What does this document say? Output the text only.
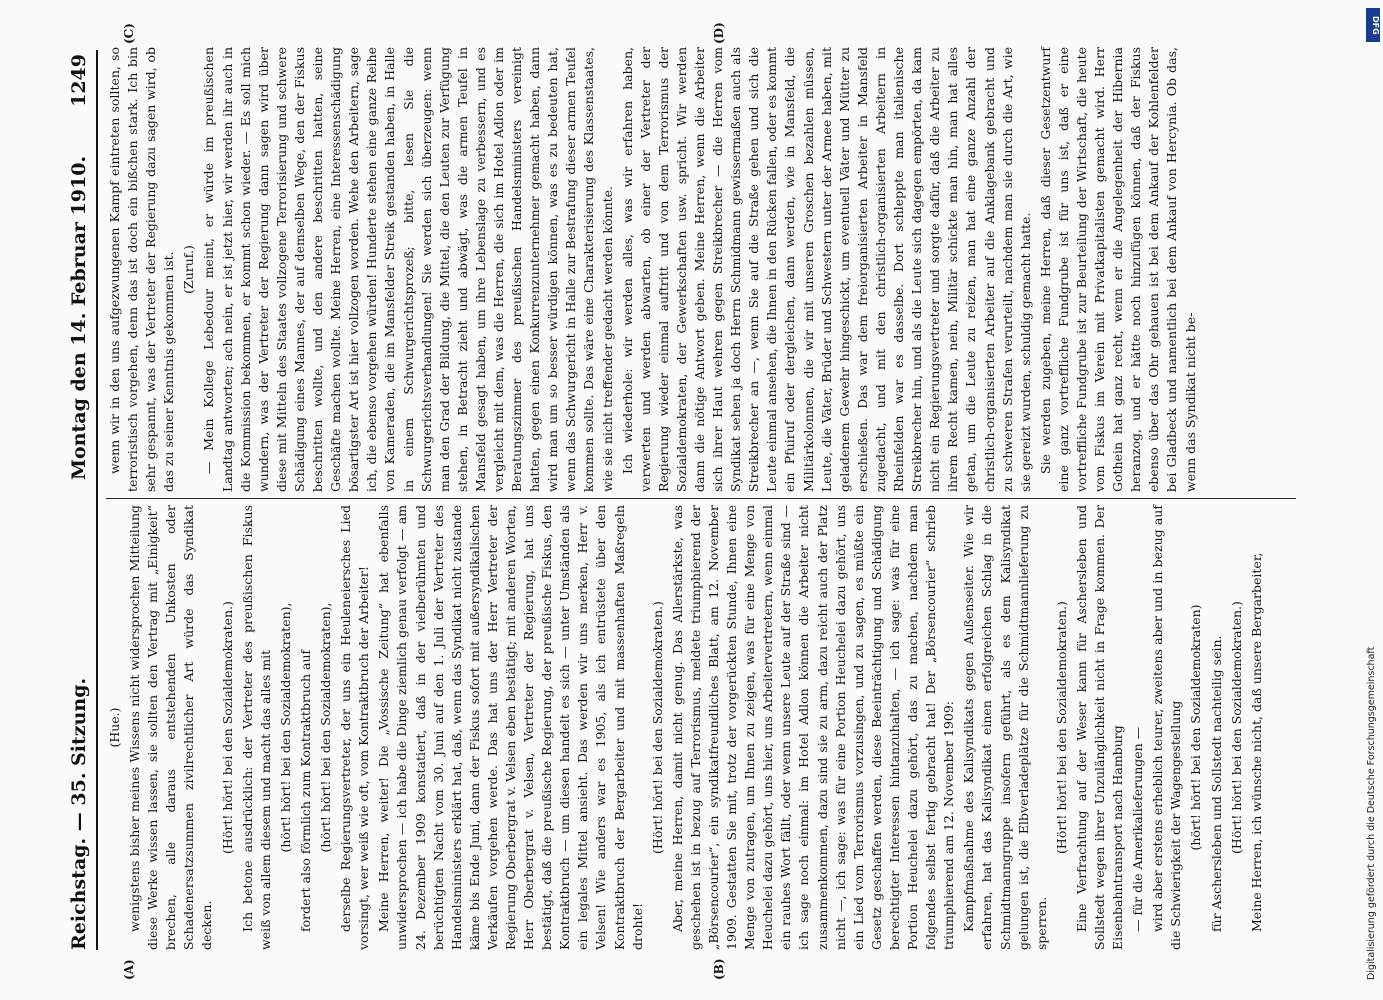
Reichstag. — 35. Sitzung.
Montag den 14. Februar 1910.
1249
(A)	(B)
(C)	(D)

(Hue.) wenigstens bisher meines Wissens nicht widersprochen Mitteilung diese Werke wissen lassen, sie sollten den Vertrag mit „Einigkeit“ brechen, alle daraus entstehenden Unkosten oder Schadenersatzsummen zivilrechtlicher Art würde das Syndikat decken.

(Hört! hört! bei den Sozialdemokraten.) Ich betone ausdrücklich: der Vertreter des preußischen Fiskus weiß von allem diesem und macht das alles mit (hört! hört! bei den Sozialdemokraten), fordert also förmlich zum Kontraktbruch auf (hört! hört! bei den Sozialdemokraten), derselbe Regierungsvertreter, der uns ein Heuleneiersches Lied vorsingt, wer weiß wie oft, vom Kontraktbruch der Arbeiter! Meine Herren, weiter! Die „Vossische Zeitung“ hat ebenfalls unwidersprochen — ich habe die Dinge ziemlich genau verfolgt — am 24. Dezember 1909 konstatiert, daß in der vielberühmten und berüchtigten Nacht vom 30. Juni auf den 1. Juli der Vertreter des Handelsministers erklärt hat, daß, wenn das Syndikat nicht zustande käme bis Ende Juni, dann der Fiskus sofort mit außersyndikalischen Verkäufen vorgehen werde. Das hat uns der Herr Vertreter der Regierung Oberbergrat v. Velsen eben bestätigt; mit anderen Worten, Herr Oberbergrat v. Velsen, Vertreter der Regierung, hat uns bestätigt, daß die preußische Regierung, der preußische Fiskus, den Kontraktbruch — um diesen handelt es sich — unter Umständen als ein legales Mittel ansieht. Das werden wir uns merken, Herr v. Velsen! Wie anders war es 1905, als ich entrüstete über den Kontraktbruch der Bergarbeiter und mit massenhaften Maßregeln drohte!

(Hört! hört! bei den Sozialdemokraten.) Aber, meine Herren, damit nicht genug. Das Allerstärkste, was geschehen ist in bezug auf Terrorismus, meldete triumphierend der „Börsencourier“, ein syndikatfreundliches Blatt, am 12. November 1909. Gestatten Sie mit, trotz der vorgerückten Stunde, Ihnen eine Menge von zutragen, um Ihnen zu zeigen, was für eine Menge von Heuchelei dazu gehört, uns hier, uns Arbeitervertretern, wenn einmal ein rauhes Wort fällt, oder wenn unsere Leute auf der Straße sind — ich sage noch einmal: im Hotel Adlon können die Arbeiter nicht zusammenkommen, dazu sind sie zu arm, dazu reicht auch der Platz nicht —, ich sage: was für eine Portion Heuchelei dazu gehört, uns ein Lied vom Terrorismus vorzusingen, und zu sagen, es müßte ein Gesetz geschaffen werden, diese Beeinträchtigung und Schädigung berechtigter Interessen hintanzuhalten, — ich sage: was für eine Portion Heuchelei dazu gehört, das zu machen, nachdem man folgendes selbst fertig gebracht hat! Der „Börsencourier“ schrieb triumphierend am 12. November 1909: Kampfmaßnahme des Kalisyndikats gegen Außenseiter. Wie wir erfahren, hat das Kalisyndikat einen erfolgreichen Schlag in die Schmidtmanngruppe insofern geführt, als es dem Kalisyndikat gelungen ist, die Elbverladeplätze für die Schmidtmannlieferung zu sperren.

(Hört! hört! bei den Sozialdemokraten.) Eine Verfrachtung auf der Weser kann für Aschersleben und Sollstedt wegen ihrer Unzulänglichkeit nicht in Frage kommen. Der Eisenbahntransport nach Hamburg — für die Amerikalieferungen — wird aber erstens erheblich teurer, zweitens aber und in bezug auf die Schwierigkeit der Wagengestellung (hört! hört! bei den Sozialdemokraten) für Aschersleben und Sollstedt nachteilig sein. (Hört! hört! bei den Sozialdemokraten.) Meine Herren, ich wünsche nicht, daß unsere Bergarbeiter,

wenn wir in den uns aufgezwungenen Kampf eintreten sollten, so terroristisch vorgehen, denn das ist doch ein bißchen stark. Ich bin sehr gespannt, was der Vertreter der Regierung dazu sagen wird, ob das zu seiner Kenntnis gekommen ist. (Zuruf.) — Mein Kollege Lebedour meint, er würde im preußischen Landtag antworten; ach nein, er ist jetzt hier, wir werden ihr auch in die Kommission bekommen, er kommt schon wieder. — Es soll mich wundern, was der Vertreter der Regierung dann sagen wird über diese mit Mitteln des Staates vollzogene Terrorisierung und schwere Schädigung eines Mannes, der auf demselben Wege, den der Fiskus beschritten wollte, und den andere beschritten hatten, seine Geschäfte machen wollte. Meine Herren, eine Interessenschädigung bösartigster Art ist hier vollzogen worden. Wehe den Arbeitern, sage ich, die ebenso vorgehen würden! Hunderte stehen eine ganze Reihe von Kameraden, die im Mansfelder Streik gestanden haben, in Halle in einem Schwurgerichtsprozeß; bitte, lesen Sie die Schwurgerichtsverhandlungen! Sie werden sich überzeugen: wenn man den Grad der Bildung, die Mittel, die den Leuten zur Verfügung stehen, in Betracht zieht und abwägt, was die armen Teufel in Mansfeld gesagt haben, um ihre Lebenslage zu verbessern, und es vergleicht mit dem, was die Herren, die sich im Hotel Adlon oder im Beratungszimmer des preußischen Handelsministers vereinigt hatten, gegen einen Konkurrenzunternehmer gemacht haben, dann wird man um so besser würdigen können, was es zu bedeuten hat, wenn das Schwurgericht in Halle zur Bestrafung dieser armen Teufel kommen sollte. Das wäre eine Charakterisierung des Klassenstaates, wie sie nicht treffender gedacht werden könnte. Ich wiederhole: wir werden alles, was wir erfahren haben, verwerten und werden abwarten, ob einer der Vertreter der Regierung wieder einmal auftritt und von dem Terrorismus der Sozialdemokraten, der Gewerkschaften usw. spricht. Wir werden dann die nötige Antwort geben. Meine Herren, wenn die Arbeiter sich ihrer Haut wehren gegen Streikbrecher — die Herren vom Syndikat sehen ja doch Herrn Schmidmann gewissermaßen auch als Streikbrecher an —, wenn Sie auf die Straße gehen und sich die Leute einmal ansehen, die Ihnen in den Rücken fallen, oder es kommt ein Pfuiruf oder dergleichen, dann werden, wie in Mansfeld, die Militärkolonnen, die wir mit unseren Groschen bezahlen müssen, Leute, die Väter, Brüder und Schwestern unter der Armee haben, mit geladenem Gewehr hingeschickt, um eventuell Väter und Mütter zu erschießen. Das war dem freiorganisierten Arbeiter in Mansfeld zugedacht, und mit den christlich-organisierten Arbeitern in Rheinfelden war es dasselbe. Dort schleppte man italienische Streikbrecher hin, und als die Leute sich dagegen empörten, da kam nicht ein Regierungsvertreter und sorgte dafür, daß die Arbeiter zu ihrem Recht kamen, nein, Militär schickte man hin, man hat alles getan, um die Leute zu reizen, man hat eine ganze Anzahl der christlich-organisierten Arbeiter auf die Anklagebank gebracht und zu schweren Strafen verurteilt, nachdem man sie durch die Art, wie sie gereizt wurden, schuldig gemacht hatte. Sie werden zugeben, meine Herren, daß dieser Gesetzentwurf eine ganz vortreffliche Fundgrube ist für uns ist, daß er eine vortreffliche Fundgrube ist zur Beurteilung der Wirtschaft, die heute vom Fiskus im Verein mit Privatkapitalisten gemacht wird. Herr Gothein hat ganz recht, wenn er die Angelegenheit der Hibernia heranzog, und er hätte noch hinzufügen können, daß der Fiskus ebenso über das Ohr gehauen ist bei dem Ankauf der Kohlenfelder bei Gladbeck und namentlich bei dem Ankauf von Hercynia. Ob das, wenn das Syndikat nicht be-

DFG
Digitalisierung gefördert durch die Deutsche Forschungsgemeinschaft
